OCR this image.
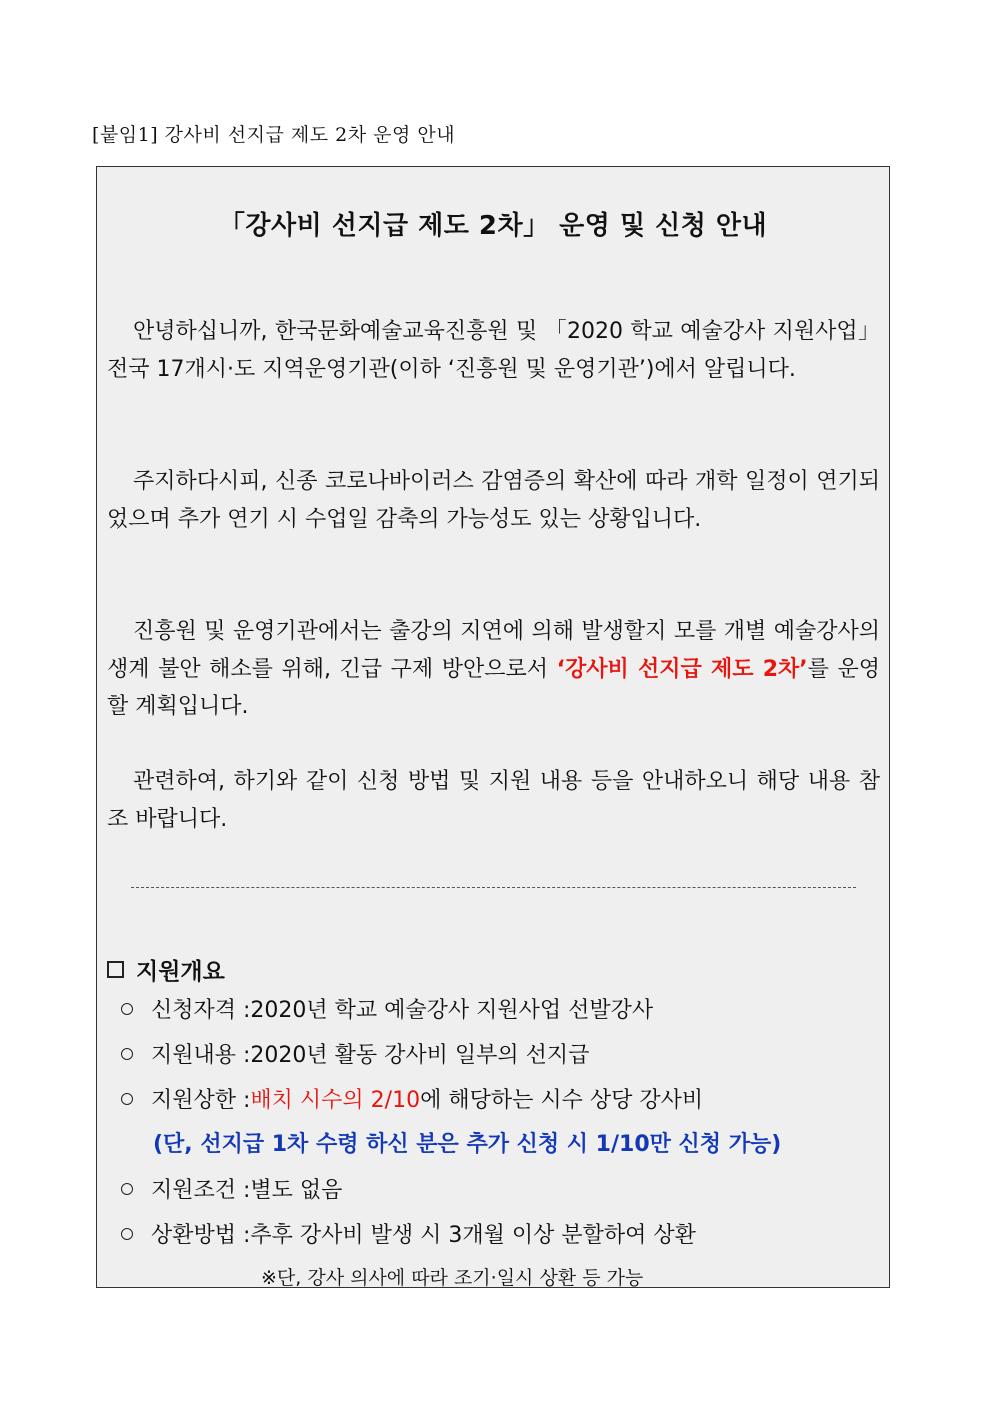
[붙임1] 강사비 선지급 제도 2차 운영 안내
「강사비 선지급 제도 2차」 운영 및 신청 안내
안녕하십니까, 한국문화예술교육진흥원 및 「2020 학교 예술강사 지원사업」 전국 17개시·도 지역운영기관(이하 ‘진흥원 및 운영기관’)에서 알립니다.
주지하다시피, 신종 코로나바이러스 감염증의 확산에 따라 개학 일정이 연기되었으며 추가 연기 시 수업일 감축의 가능성도 있는 상황입니다.
진흥원 및 운영기관에서는 출강의 지연에 의해 발생할지 모를 개별 예술강사의 생계 불안 해소를 위해, 긴급 구제 방안으로서 ‘강사비 선지급 제도 2차’를 운영할 계획입니다.
관련하여, 하기와 같이 신청 방법 및 지원 내용 등을 안내하오니 해당 내용 참조 바랍니다.
지원개요
신청자격 : 2020년 학교 예술강사 지원사업 선발강사
지원내용 : 2020년 활동 강사비 일부의 선지급
지원상한 : 배치 시수의 2/10 에 해당하는 시수 상당 강사비
(단, 선지급 1차 수령 하신 분은 추가 신청 시 1/10만 신청 가능)
지원조건 : 별도 없음
상환방법 : 추후 강사비 발생 시 3개월 이상 분할하여 상환
※단, 강사 의사에 따라 조기·일시 상환 등 가능
